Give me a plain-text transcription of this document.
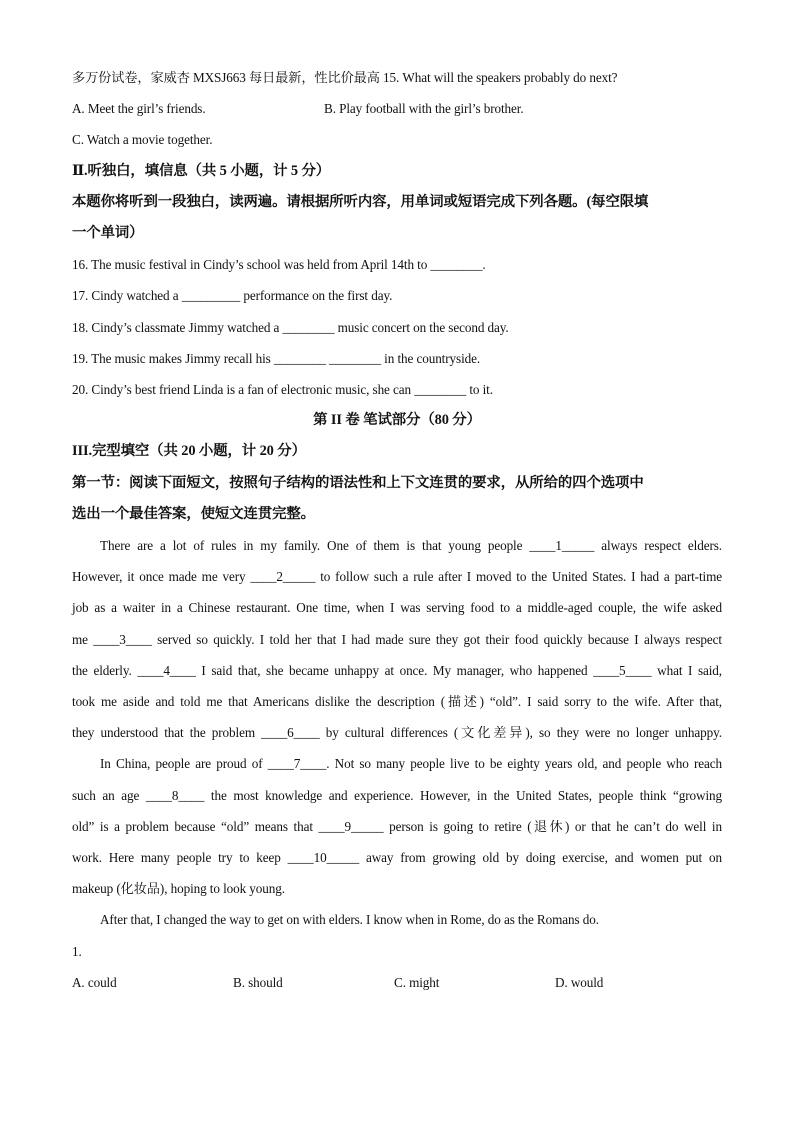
多万份试卷，家威杏 MXSJ663 每日最新，性比价最高 15. What will the speakers probably do next?
A. Meet the girl’s friends.	B. Play football with the girl’s brother.
C. Watch a movie together.
Ⅱ.听独白，填信息（共 5 小题，计 5 分）
本题你将听到一段独白，读两遍。请根据所听内容，用单词或短语完成下列各题。(每空限填
一个单词）
16. The music festival in Cindy’s school was held from April 14th to ________.
17. Cindy watched a _________ performance on the first day.
18. Cindy’s classmate Jimmy watched a ________ music concert on the second day.
19. The music makes Jimmy recall his ________ ________ in the countryside.
20. Cindy’s best friend Linda is a fan of electronic music, she can ________ to it.
第 II 卷 笔试部分（80 分）
III.完型填空（共 20 小题，计 20 分）
第一节：阅读下面短文，按照句子结构的语法性和上下文连贯的要求，从所给的四个选项中
选出一个最佳答案，使短文连贯完整。
There are a lot of rules in my family. One of them is that young people ____1_____ always respect elders.
However, it once made me very ____2_____ to follow such a rule after I moved to the United States. I had a part-time
job as a waiter in a Chinese restaurant. One time, when I was serving food to a middle-aged couple, the wife asked
me ____3____ served so quickly. I told her that I had made sure they got their food quickly because I always respect
the elderly. ____4____ I said that, she became unhappy at once. My manager, who happened ____5____ what I said,
took me aside and told me that Americans dislike the description (描述) “old”. I said sorry to the wife. After that,
they understood that the problem ____6____ by cultural differences (文化差异), so they were no longer unhappy.
In China, people are proud of ____7____. Not so many people live to be eighty years old, and people who reach
such an age ____8____ the most knowledge and experience. However, in the United States, people think “growing
old” is a problem because “old” means that ____9_____ person is going to retire (退休) or that he can’t do well in
work. Here many people try to keep ____10_____ away from growing old by doing exercise, and women put on
makeup (化妆品), hoping to look young.
After that, I changed the way to get on with elders. I know when in Rome, do as the Romans do.
1.
A. could	B. should	C. might	D. would
